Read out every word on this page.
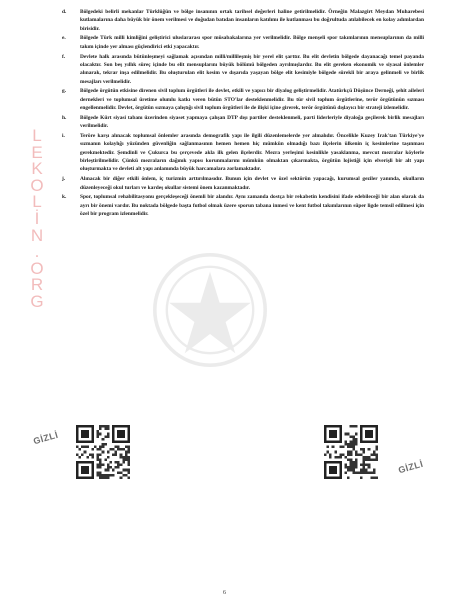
L
E
K
O
L
İ
N
.
O
R
G
d.	Bölgedeki belirli mekanlar Türklüğün ve bölge insanının ortak tarihsel değerleri haline getirilmelidir. Örneğin Malazgirt Meydan Muharebesi kutlamalarına daha büyük bir önem verilmesi ve doğudan batıdan insanların katılımı ile kutlanması bu doğrultuda atılabilecek en kolay adımlardan birisidir.
e.	Bölgede Türk milli kimliğini geliştirici uluslararası spor müsabakalarına yer verilmelidir. Bölge menşeli spor takımlarının mensuplarının da milli takım içinde yer alması güçlendirici etki yapacaktır.
f.	Devlete halk arasında bütünleşmeyi sağlamak açısından milli/millileşmiş bir yerel elit şarttır. Bu elit devletin bölgede dayanacağı temel payanda olacaktır. Son beş yıllık süreç içinde bu elit mensuplarını büyük bölümü bölgeden ayrılmışlardır. Bu elit gereken ekonomik ve siyasal önlemler alınarak, tekrar inşa edilmelidir. Bu oluşturulan elit kesim ve dışarıda yaşayan bölge elit kesimiyle bölgede sürekli bir araya gelinmeli ve birlik mesajları verilmelidir.
g.	Bölgede örgütün etkisine direnen sivil toplum örgütleri ile devlet, etkili ve yapıcı bir diyalog geliştirmelidir. Atatürkçü Düşünce Derneği, şehit aileleri dernekleri ve toplumsal üretime olumlu katkı veren bütün STO'lar desteklenmelidir. Bu tür sivil toplum örgütlerine, terör örgütünün sızması engellenmelidir. Devlet, örgütün sızmaya çalıştığı sivil toplum örgütleri ile de ilişki içine girerek, terör örgütünü dışlayıcı bir strateji izlemelidir.
h.	Bölgede Kürt siyasi tabanı üzerinden siyaset yapmaya çalışan DTP dışı partiler desteklenmeli, parti liderleriyle diyaloğa geçilerek birlik mesajları verilmelidir.
i.	Teröre karşı alınacak toplumsal önlemler arasında demografik yapı ile ilgili düzenlemelerde yer almalıdır. Öncelikle Kuzey Irak'tan Türkiye'ye sızmanın kolaylığı yüzünden güvenliğin sağlanmasının hemen hemen hiç mümkün olmadığı bazı ilçelerin ülkenin iç kesimlerine taşınması gerekmektedir. Şemdinli ve Çukurca bu çerçevede akla ilk gelen ilçelerdir. Mezra yerleşimi kesinlikle yasaklanma, mevcut mezralar köylerle birleştirilmelidir. Çünkü mezraların dağınık yapısı korunmalarını mümkün olmaktan çıkarmakta, örgütün lojistiği için elverişli bir alt yapı oluşturmakta ve devleti alt yapı anlamında büyük harcamalara zorlamaktadır.
j.	Alınacak bir diğer etkili önlem, iç turizmin arttırılmasıdır. Bunun için devlet ve özel sektörün yapacağı, kurumsal geziler yanında, okulların düzenleyeceği okul turları ve kardeş okullar sistemi önem kazanmaktadır.
k.	Spor, toplumsal rehabilitasyonu gerçekleşeceği önemli bir alandır. Aynı zamanda dostça bir rekabetin kendisini ifade edebileceği bir alan olarak da ayrı bir önemi vardır. Bu noktada bölgede başta futbol olmak üzere sporun tabana inmesi ve kent futbol takımlarının süper ligde temsil edilmesi için özel bir program izlenmelidir.
GİZLİ
GİZLİ
6
